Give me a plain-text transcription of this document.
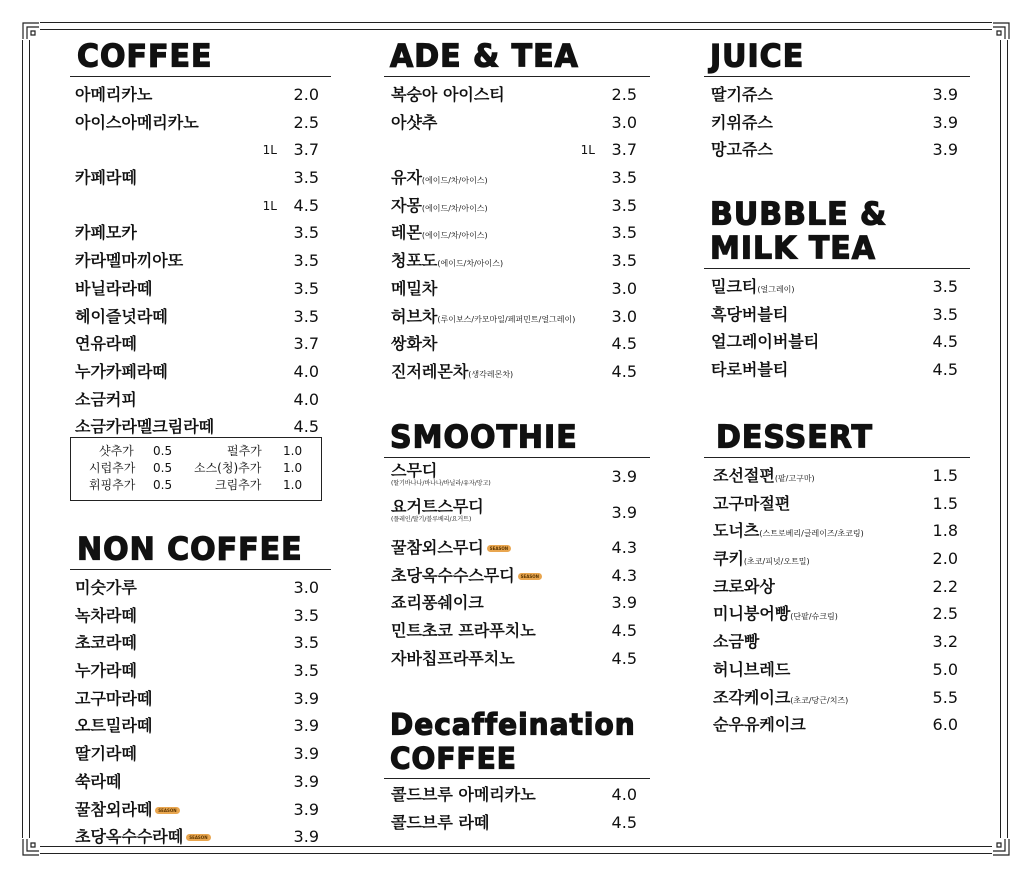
COFFEE
아메리카노	2.0
아이스아메리카노	2.5
1L 3.7
카페라떼	3.5
1L 4.5
카페모카	3.5
카라멜마끼아또	3.5
바닐라라떼	3.5
헤이즐넛라떼	3.5
연유라떼	3.7
누가카페라떼	4.0
소금커피	4.0
소금카라멜크림라떼	4.5
샷추가 0.5	펄추가 1.0
시럽추가 0.5 소스(청)추가 1.0
휘핑추가 0.5	크림추가 1.0
NON COFFEE
미숫가루	3.0
녹차라떼	3.5
초코라떼	3.5
누가라떼	3.5
고구마라떼	3.9
오트밀라떼	3.9
딸기라떼	3.9
쑥라떼	3.9
꿀참외라떼 SEASON	3.9
초당옥수수라떼 SEASON	3.9
ADE & TEA
복숭아 아이스티	2.5
아샷추	3.0
1L 3.7
유자(에이드/차/아이스)	3.5
자몽(에이드/차/아이스)	3.5
레몬(에이드/차/아이스)	3.5
청포도(에이드/차/아이스)	3.5
메밀차	3.0
허브차(루이보스/카모마일/페퍼민트/얼그레이) 3.0
쌍화차	4.5
진저레몬차(생각레몬차)	4.5
SMOOTHIE
스무디
(딸기바나나/바나나/바닐라/유자/망고)	3.9
요거트스무디
(플레인/딸기/블루베리/요거트)	3.9
꿀참외스무디 SEASON	4.3
초당옥수수스무디 SEASON	4.3
죠리퐁쉐이크	3.9
민트초코 프라푸치노	4.5
자바칩프라푸치노	4.5
Decaffeination
COFFEE
콜드브루 아메리카노	4.0
콜드브루 라떼	4.5
JUICE
딸기쥬스	3.9
키위쥬스	3.9
망고쥬스	3.9
BUBBLE &
MILK TEA
밀크티(얼그레이)	3.5
흑당버블티	3.5
얼그레이버블티	4.5
타로버블티	4.5
DESSERT
조선절편(팥/고구마)	1.5
고구마절편	1.5
도너츠(스트로베리/글레이즈/초코링)	1.8
쿠키(초코/피넛/오트밀)	2.0
크로와상	2.2
미니붕어빵(단팥/슈크림)	2.5
소금빵	3.2
허니브레드	5.0
조각케이크(초코/당근/치즈)	5.5
순우유케이크	6.0
